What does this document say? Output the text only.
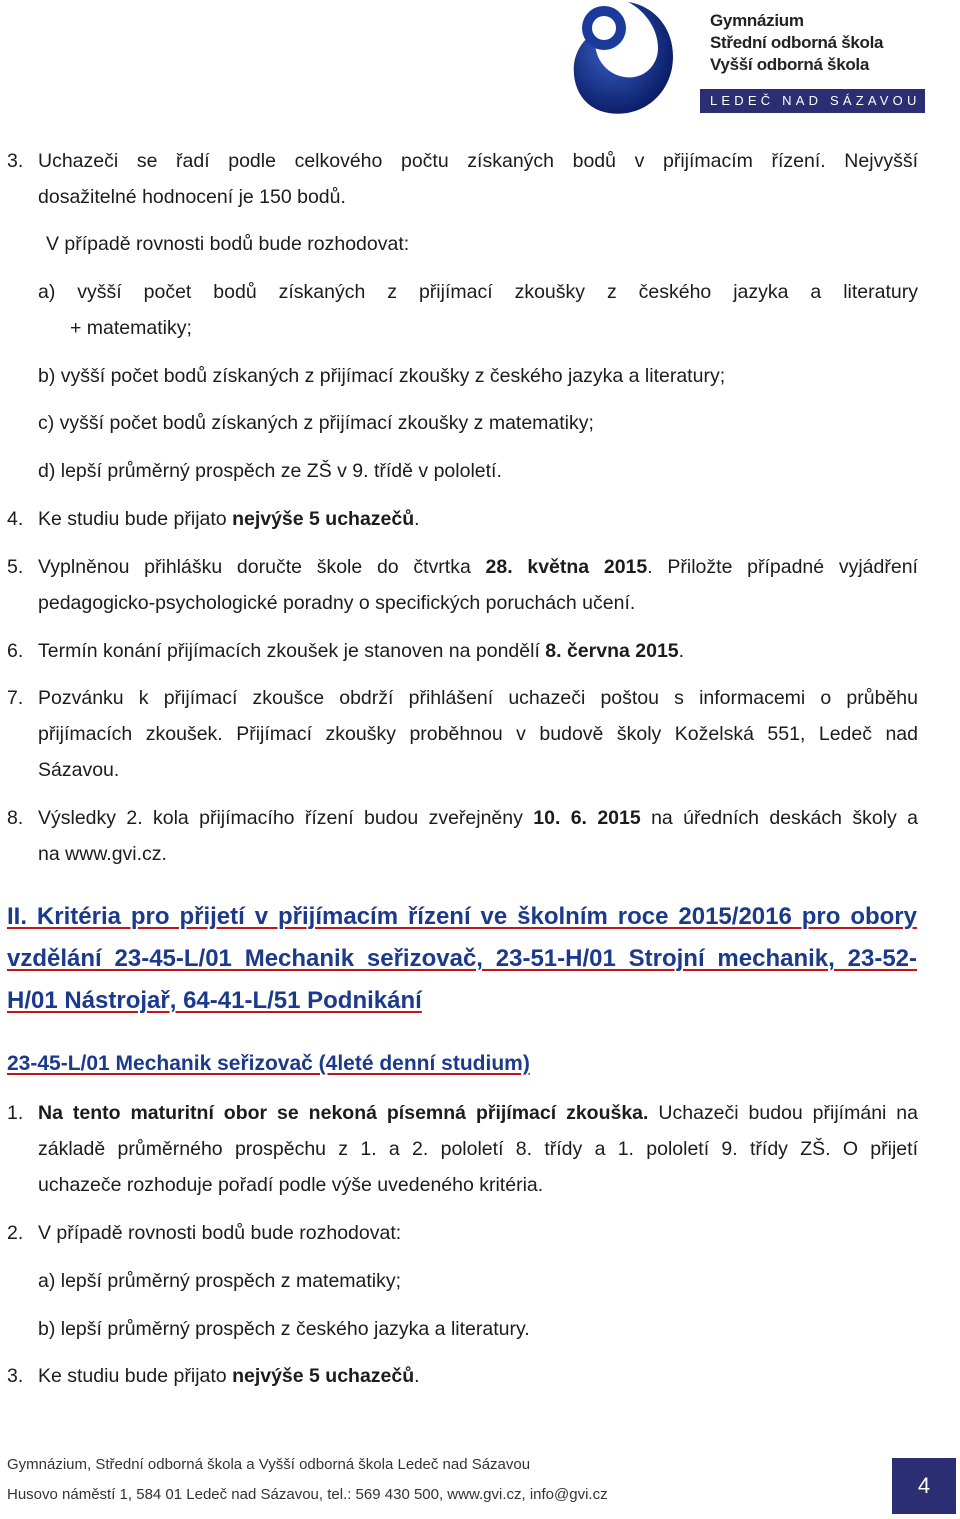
Gymnázium
Střední odborná škola
Vyšší odborná škola
LEDEČ NAD SÁZAVOU
3. Uchazeči se řadí podle celkového počtu získaných bodů v přijímacím řízení. Nejvyšší
dosažitelné hodnocení je 150 bodů.
V případě rovnosti bodů bude rozhodovat:
a) vyšší počet bodů získaných z přijímací zkoušky z českého jazyka a literatury
+ matematiky;
b) vyšší počet bodů získaných z přijímací zkoušky z českého jazyka a literatury;
c) vyšší počet bodů získaných z přijímací zkoušky z matematiky;
d) lepší průměrný prospěch ze ZŠ v 9. třídě v pololetí.
4. Ke studiu bude přijato nejvýše 5 uchazečů.
5. Vyplněnou přihlášku doručte škole do čtvrtka 28. května 2015. Přiložte případné vyjádření
pedagogicko-psychologické poradny o specifických poruchách učení.
6. Termín konání přijímacích zkoušek je stanoven na pondělí 8. června 2015.
7. Pozvánku k přijímací zkoušce obdrží přihlášení uchazeči poštou s informacemi o průběhu
přijímacích zkoušek. Přijímací zkoušky proběhnou v budově školy Koželská 551, Ledeč nad
Sázavou.
8. Výsledky 2. kola přijímacího řízení budou zveřejněny 10. 6. 2015 na úředních deskách školy a
na www.gvi.cz.
II. Kritéria pro přijetí v přijímacím řízení ve školním roce 2015/2016 pro obory
vzdělání 23-45-L/01 Mechanik seřizovač, 23-51-H/01 Strojní mechanik, 23-52-
H/01 Nástrojař, 64-41-L/51 Podnikání
23-45-L/01 Mechanik seřizovač (4leté denní studium)
1. Na tento maturitní obor se nekoná písemná přijímací zkouška. Uchazeči budou přijímáni na
základě průměrného prospěchu z 1. a 2. pololetí 8. třídy a 1. pololetí 9. třídy ZŠ. O přijetí
uchazeče rozhoduje pořadí podle výše uvedeného kritéria.
2. V případě rovnosti bodů bude rozhodovat:
a) lepší průměrný prospěch z matematiky;
b) lepší průměrný prospěch z českého jazyka a literatury.
3. Ke studiu bude přijato nejvýše 5 uchazečů.
Gymnázium, Střední odborná škola a Vyšší odborná škola Ledeč nad Sázavou
Husovo náměstí 1, 584 01 Ledeč nad Sázavou, tel.: 569 430 500, www.gvi.cz, info@gvi.cz	4
